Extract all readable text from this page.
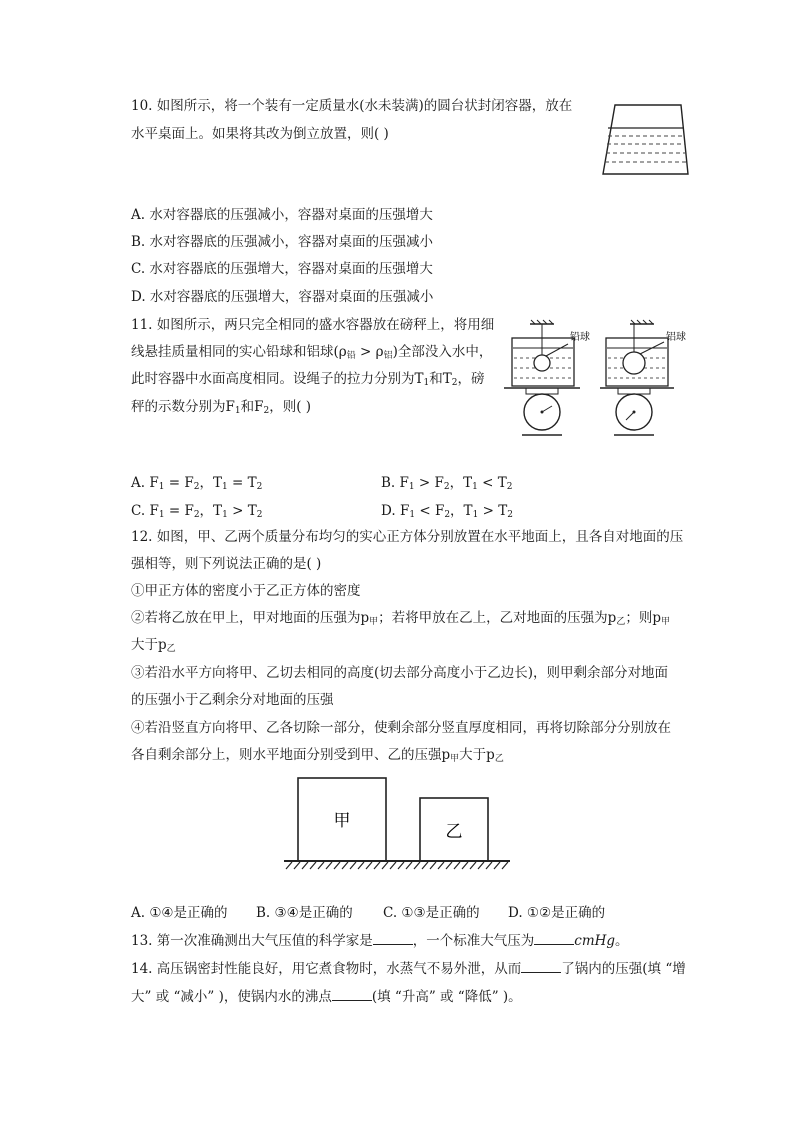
10. 如图所示，将一个装有一定质量水(水未装满)的圆台状封闭容器，放在
水平桌面上。如果将其改为倒立放置，则( )
A. 水对容器底的压强减小，容器对桌面的压强增大
B. 水对容器底的压强减小，容器对桌面的压强减小
C. 水对容器底的压强增大，容器对桌面的压强增大
D. 水对容器底的压强增大，容器对桌面的压强减小
11. 如图所示，两只完全相同的盛水容器放在磅秤上，将用细
线悬挂质量相同的实心铅球和铝球$(\rho_铅 > \rho_铝)$全部没入水中，
此时容器中水面高度相同。设绳子的拉力分别为$T_1$和$T_2$，磅
秤的示数分别为$F_1$和$F_2$，则( )
铅球	铝球
A. $F_1 = F_2$，$T_1 = T_2$	B. $F_1 > F_2$，$T_1 < T_2$
C. $F_1 = F_2$，$T_1 > T_2$	D. $F_1 < F_2$，$T_1 > T_2$
12. 如图，甲、乙两个质量分布均匀的实心正方体分别放置在水平地面上，且各自对地面的压
强相等，则下列说法正确的是( )
①甲正方体的密度小于乙正方体的密度
②若将乙放在甲上，甲对地面的压强为$p_甲$；若将甲放在乙上，乙对地面的压强为$p_乙$；则$p_甲$
大于$p_乙$
③若沿水平方向将甲、乙切去相同的高度(切去部分高度小于乙边长)，则甲剩余部分对地面
的压强小于乙剩余分对地面的压强
④若沿竖直方向将甲、乙各切除一部分，使剩余部分竖直厚度相同，再将切除部分分别放在
各自剩余部分上，则水平地面分别受到甲、乙的压强$p_甲$大于$p_乙$
甲
乙
A. ①④是正确的 B. ③④是正确的 C. ①③是正确的 D. ①②是正确的
13. 第一次准确测出大气压值的科学家是	，一个标准大气压为	cmHg。
14. 高压锅密封性能良好，用它煮食物时，水蒸气不易外泄，从而	了锅内的压强(填 “增
大” 或 “减小” )，使锅内水的沸点	(填 “升高” 或 “降低” )。
